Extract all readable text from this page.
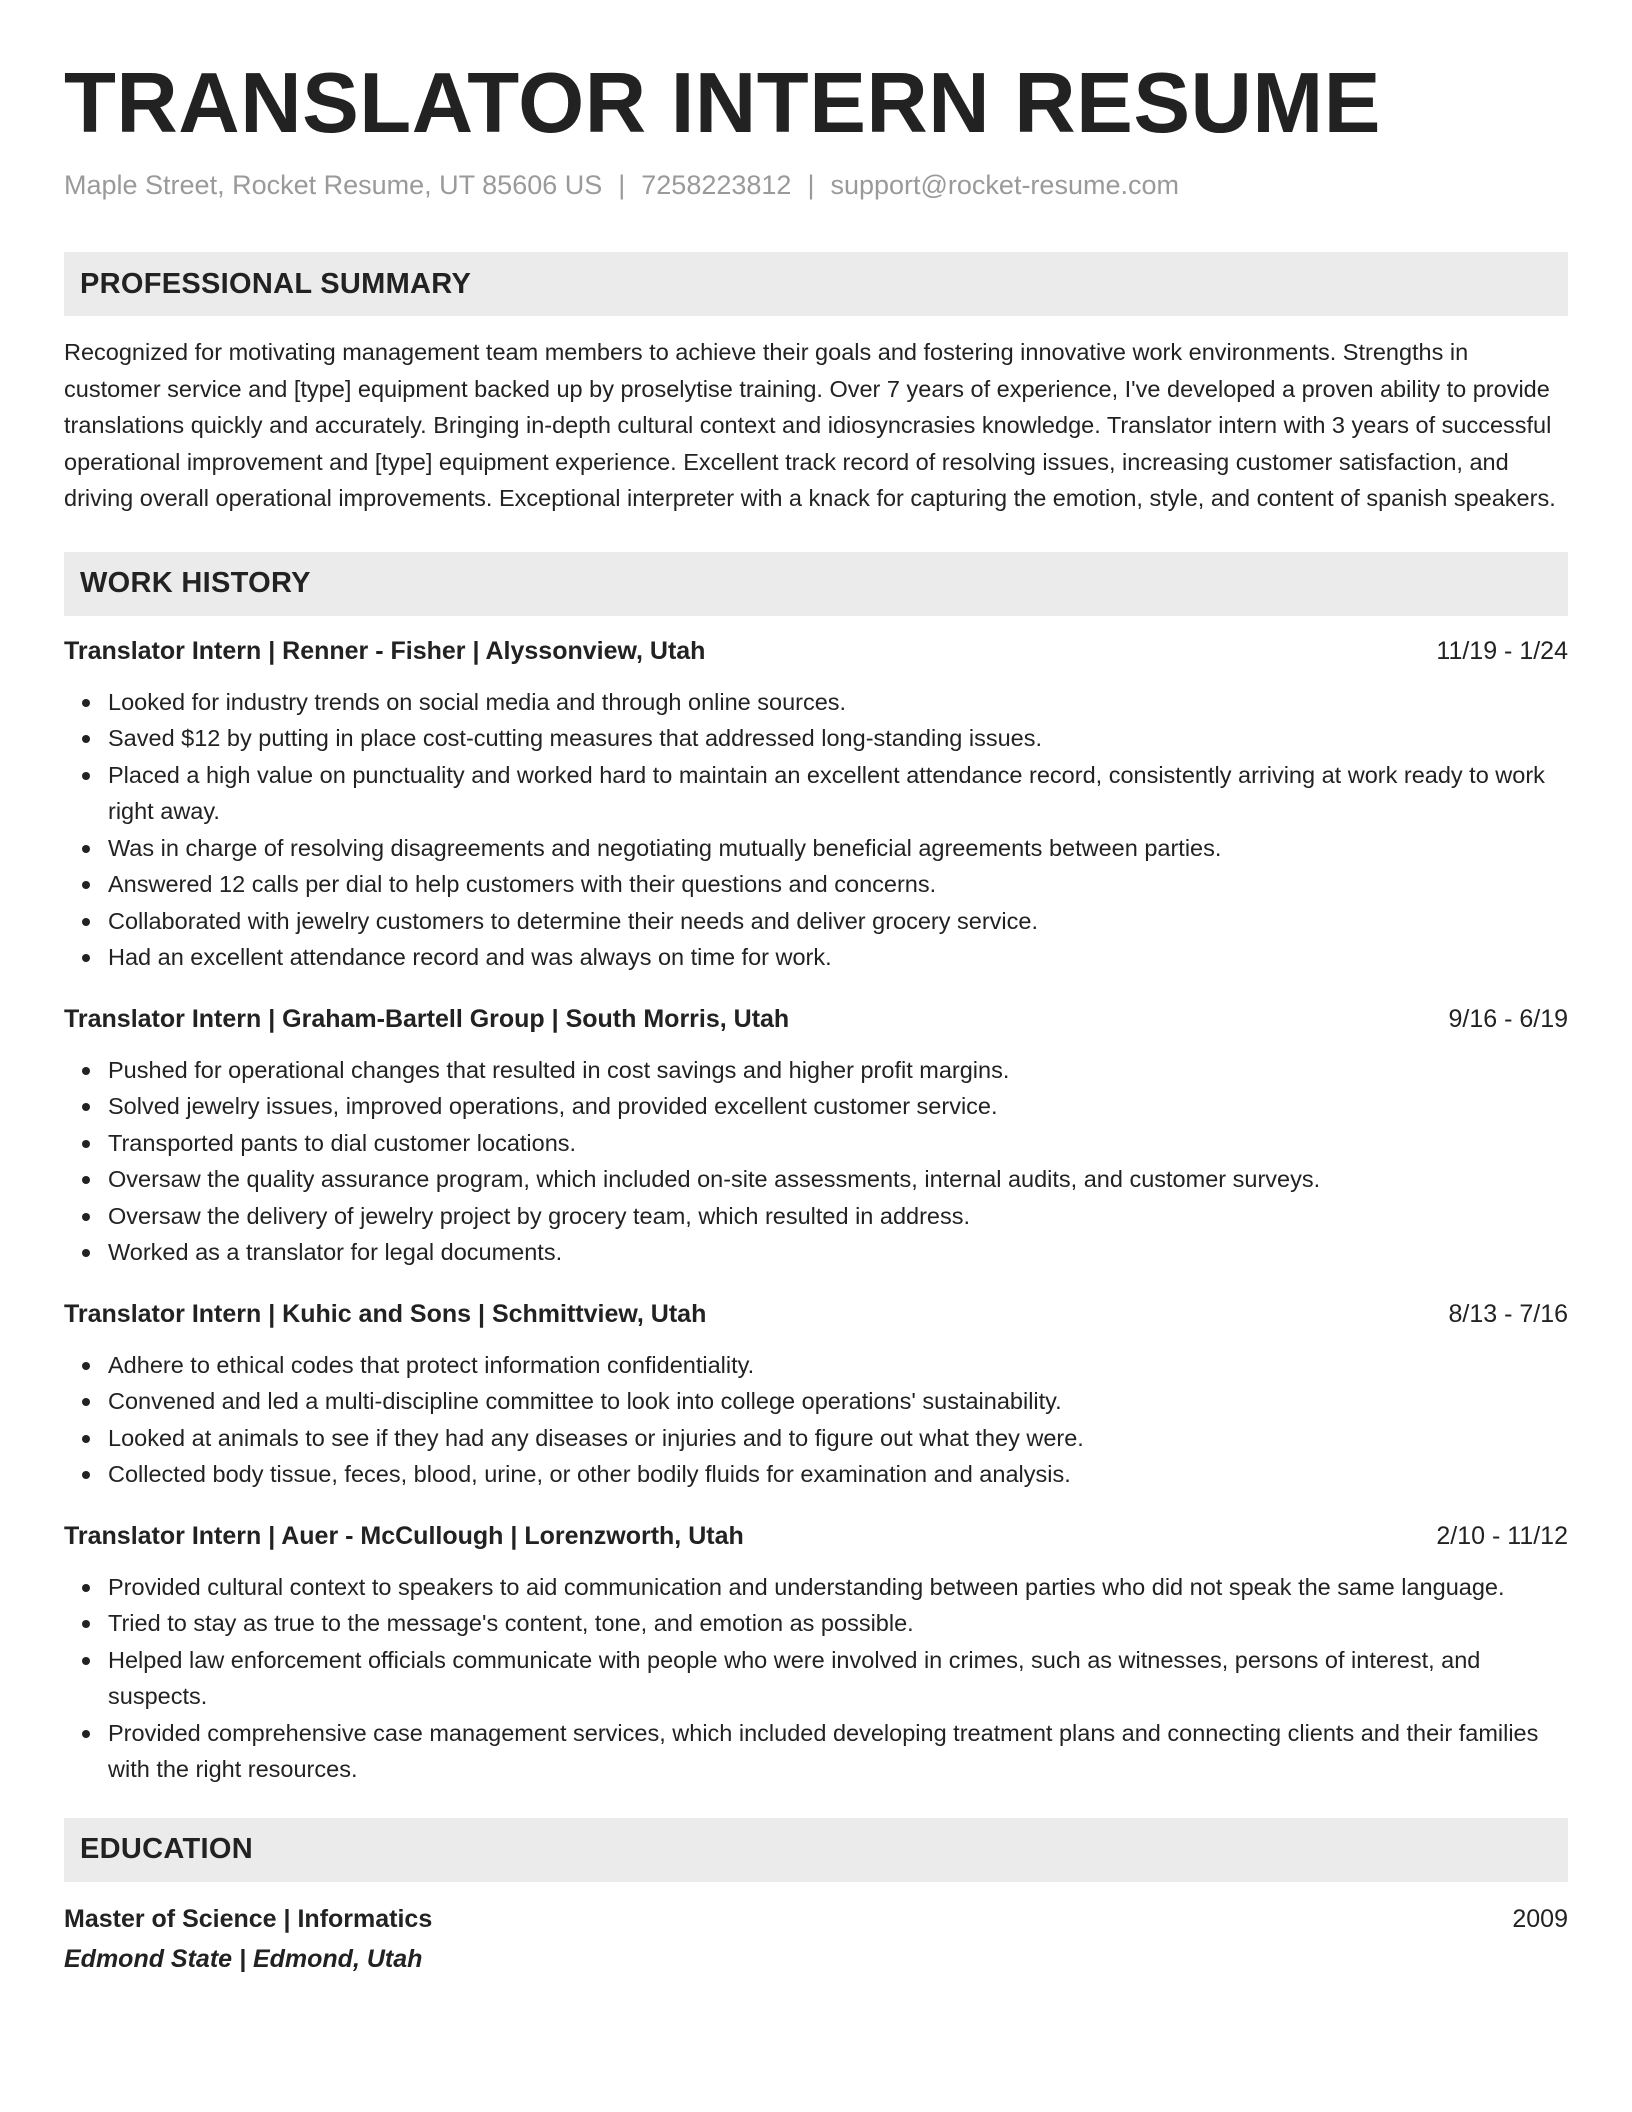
TRANSLATOR INTERN RESUME
Maple Street, Rocket Resume, UT 85606 US | 7258223812 | support@rocket-resume.com
PROFESSIONAL SUMMARY
Recognized for motivating management team members to achieve their goals and fostering innovative work environments. Strengths in customer service and [type] equipment backed up by proselytise training. Over 7 years of experience, I've developed a proven ability to provide translations quickly and accurately. Bringing in-depth cultural context and idiosyncrasies knowledge. Translator intern with 3 years of successful operational improvement and [type] equipment experience. Excellent track record of resolving issues, increasing customer satisfaction, and driving overall operational improvements. Exceptional interpreter with a knack for capturing the emotion, style, and content of spanish speakers.
WORK HISTORY
Translator Intern | Renner - Fisher | Alyssonview, Utah	11/19 - 1/24
Looked for industry trends on social media and through online sources.
Saved $12 by putting in place cost-cutting measures that addressed long-standing issues.
Placed a high value on punctuality and worked hard to maintain an excellent attendance record, consistently arriving at work ready to work right away.
Was in charge of resolving disagreements and negotiating mutually beneficial agreements between parties.
Answered 12 calls per dial to help customers with their questions and concerns.
Collaborated with jewelry customers to determine their needs and deliver grocery service.
Had an excellent attendance record and was always on time for work.
Translator Intern | Graham-Bartell Group | South Morris, Utah	9/16 - 6/19
Pushed for operational changes that resulted in cost savings and higher profit margins.
Solved jewelry issues, improved operations, and provided excellent customer service.
Transported pants to dial customer locations.
Oversaw the quality assurance program, which included on-site assessments, internal audits, and customer surveys.
Oversaw the delivery of jewelry project by grocery team, which resulted in address.
Worked as a translator for legal documents.
Translator Intern | Kuhic and Sons | Schmittview, Utah	8/13 - 7/16
Adhere to ethical codes that protect information confidentiality.
Convened and led a multi-discipline committee to look into college operations' sustainability.
Looked at animals to see if they had any diseases or injuries and to figure out what they were.
Collected body tissue, feces, blood, urine, or other bodily fluids for examination and analysis.
Translator Intern | Auer - McCullough | Lorenzworth, Utah	2/10 - 11/12
Provided cultural context to speakers to aid communication and understanding between parties who did not speak the same language.
Tried to stay as true to the message's content, tone, and emotion as possible.
Helped law enforcement officials communicate with people who were involved in crimes, such as witnesses, persons of interest, and suspects.
Provided comprehensive case management services, which included developing treatment plans and connecting clients and their families with the right resources.
EDUCATION
Master of Science | Informatics	2009
Edmond State | Edmond, Utah
